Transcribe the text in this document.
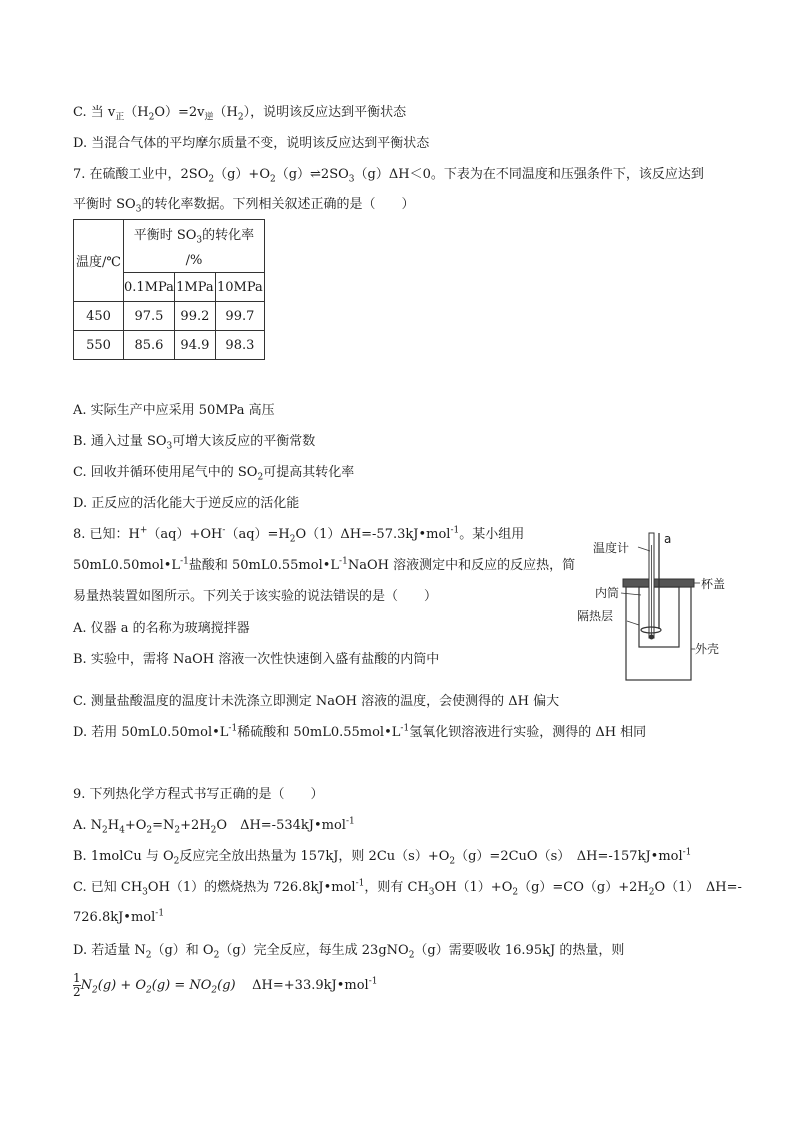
C. 当 $v_正(H_2O)=2v_逆(H_2)$，说明该反应达到平衡状态
D. 当混合气体的平均摩尔质量不变，说明该反应达到平衡状态
7. 在硫酸工业中，$2SO_2(g)+O_2(g)\rightleftharpoons 2SO_3(g)\Delta H<0$。下表为在不同温度和压强条件下，该反应达到
平衡时 $SO_3$的转化率数据。下列相关叙述正确的是（　　）
温度/℃	平衡时 $SO_3$的转化率
/%		

	0.1MPa	1MPa	10MPa
450	97.5	99.2	99.7
550	85.6	94.9	98.3
A. 实际生产中应采用 50MPa 高压
B. 通入过量 $SO_3$可增大该反应的平衡常数
C. 回收并循环使用尾气中的 $SO_2$可提高其转化率
D. 正反应的活化能大于逆反应的活化能
8. 已知：$H^+(aq)+OH^-(aq)=H_2O(1)\Delta H=-57.3kJ•mol^{-1}$。某小组用
$50mL0.50mol•L^{-1}$盐酸和 $50mL0.55mol•L^{-1}NaOH$ 溶液测定中和反应的反应热，简
易量热装置如图所示。下列关于该实验的说法错误的是（　　）
A. 仪器 a 的名称为玻璃搅拌器
B. 实验中，需将 NaOH 溶液一次性快速倒入盛有盐酸的内筒中
C. 测量盐酸温度的温度计未洗涤立即测定 NaOH 溶液的温度，会使测得的 ΔH 偏大
D. 若用 $50mL0.50mol•L^{-1}$稀硫酸和 $50mL0.55mol•L^{-1}$氢氧化钡溶液进行实验，测得的 ΔH 相同
温度计
a
杯盖
内筒
隔热层
外壳
9. 下列热化学方程式书写正确的是（　　）
A. $N_2H_4+O_2=N_2+2H_2O$　ΔH=-534kJ•mol$^{-1}$
B. 1molCu 与 $O_2$反应完全放出热量为 157kJ，则 $2Cu(s)+O_2(g)=2CuO(s)$　ΔH=-157kJ•mol$^{-1}$
C. 已知 $CH_3OH(1)$的燃烧热为 726.8kJ•mol$^{-1}$，则有 $CH_3OH(1)+O_2(g)=CO(g)+2H_2O(1)$　ΔH=-
726.8kJ•mol$^{-1}$
D. 若适量 $N_2(g)$和 $O_2(g)$完全反应，每生成 23gNO$_2$（g）需要吸收 16.95kJ 的热量，则
$\frac{1}{2} N_2(g) + O_2(g) = NO_2(g)$ ΔH=+33.9kJ•mol$^{-1}$
